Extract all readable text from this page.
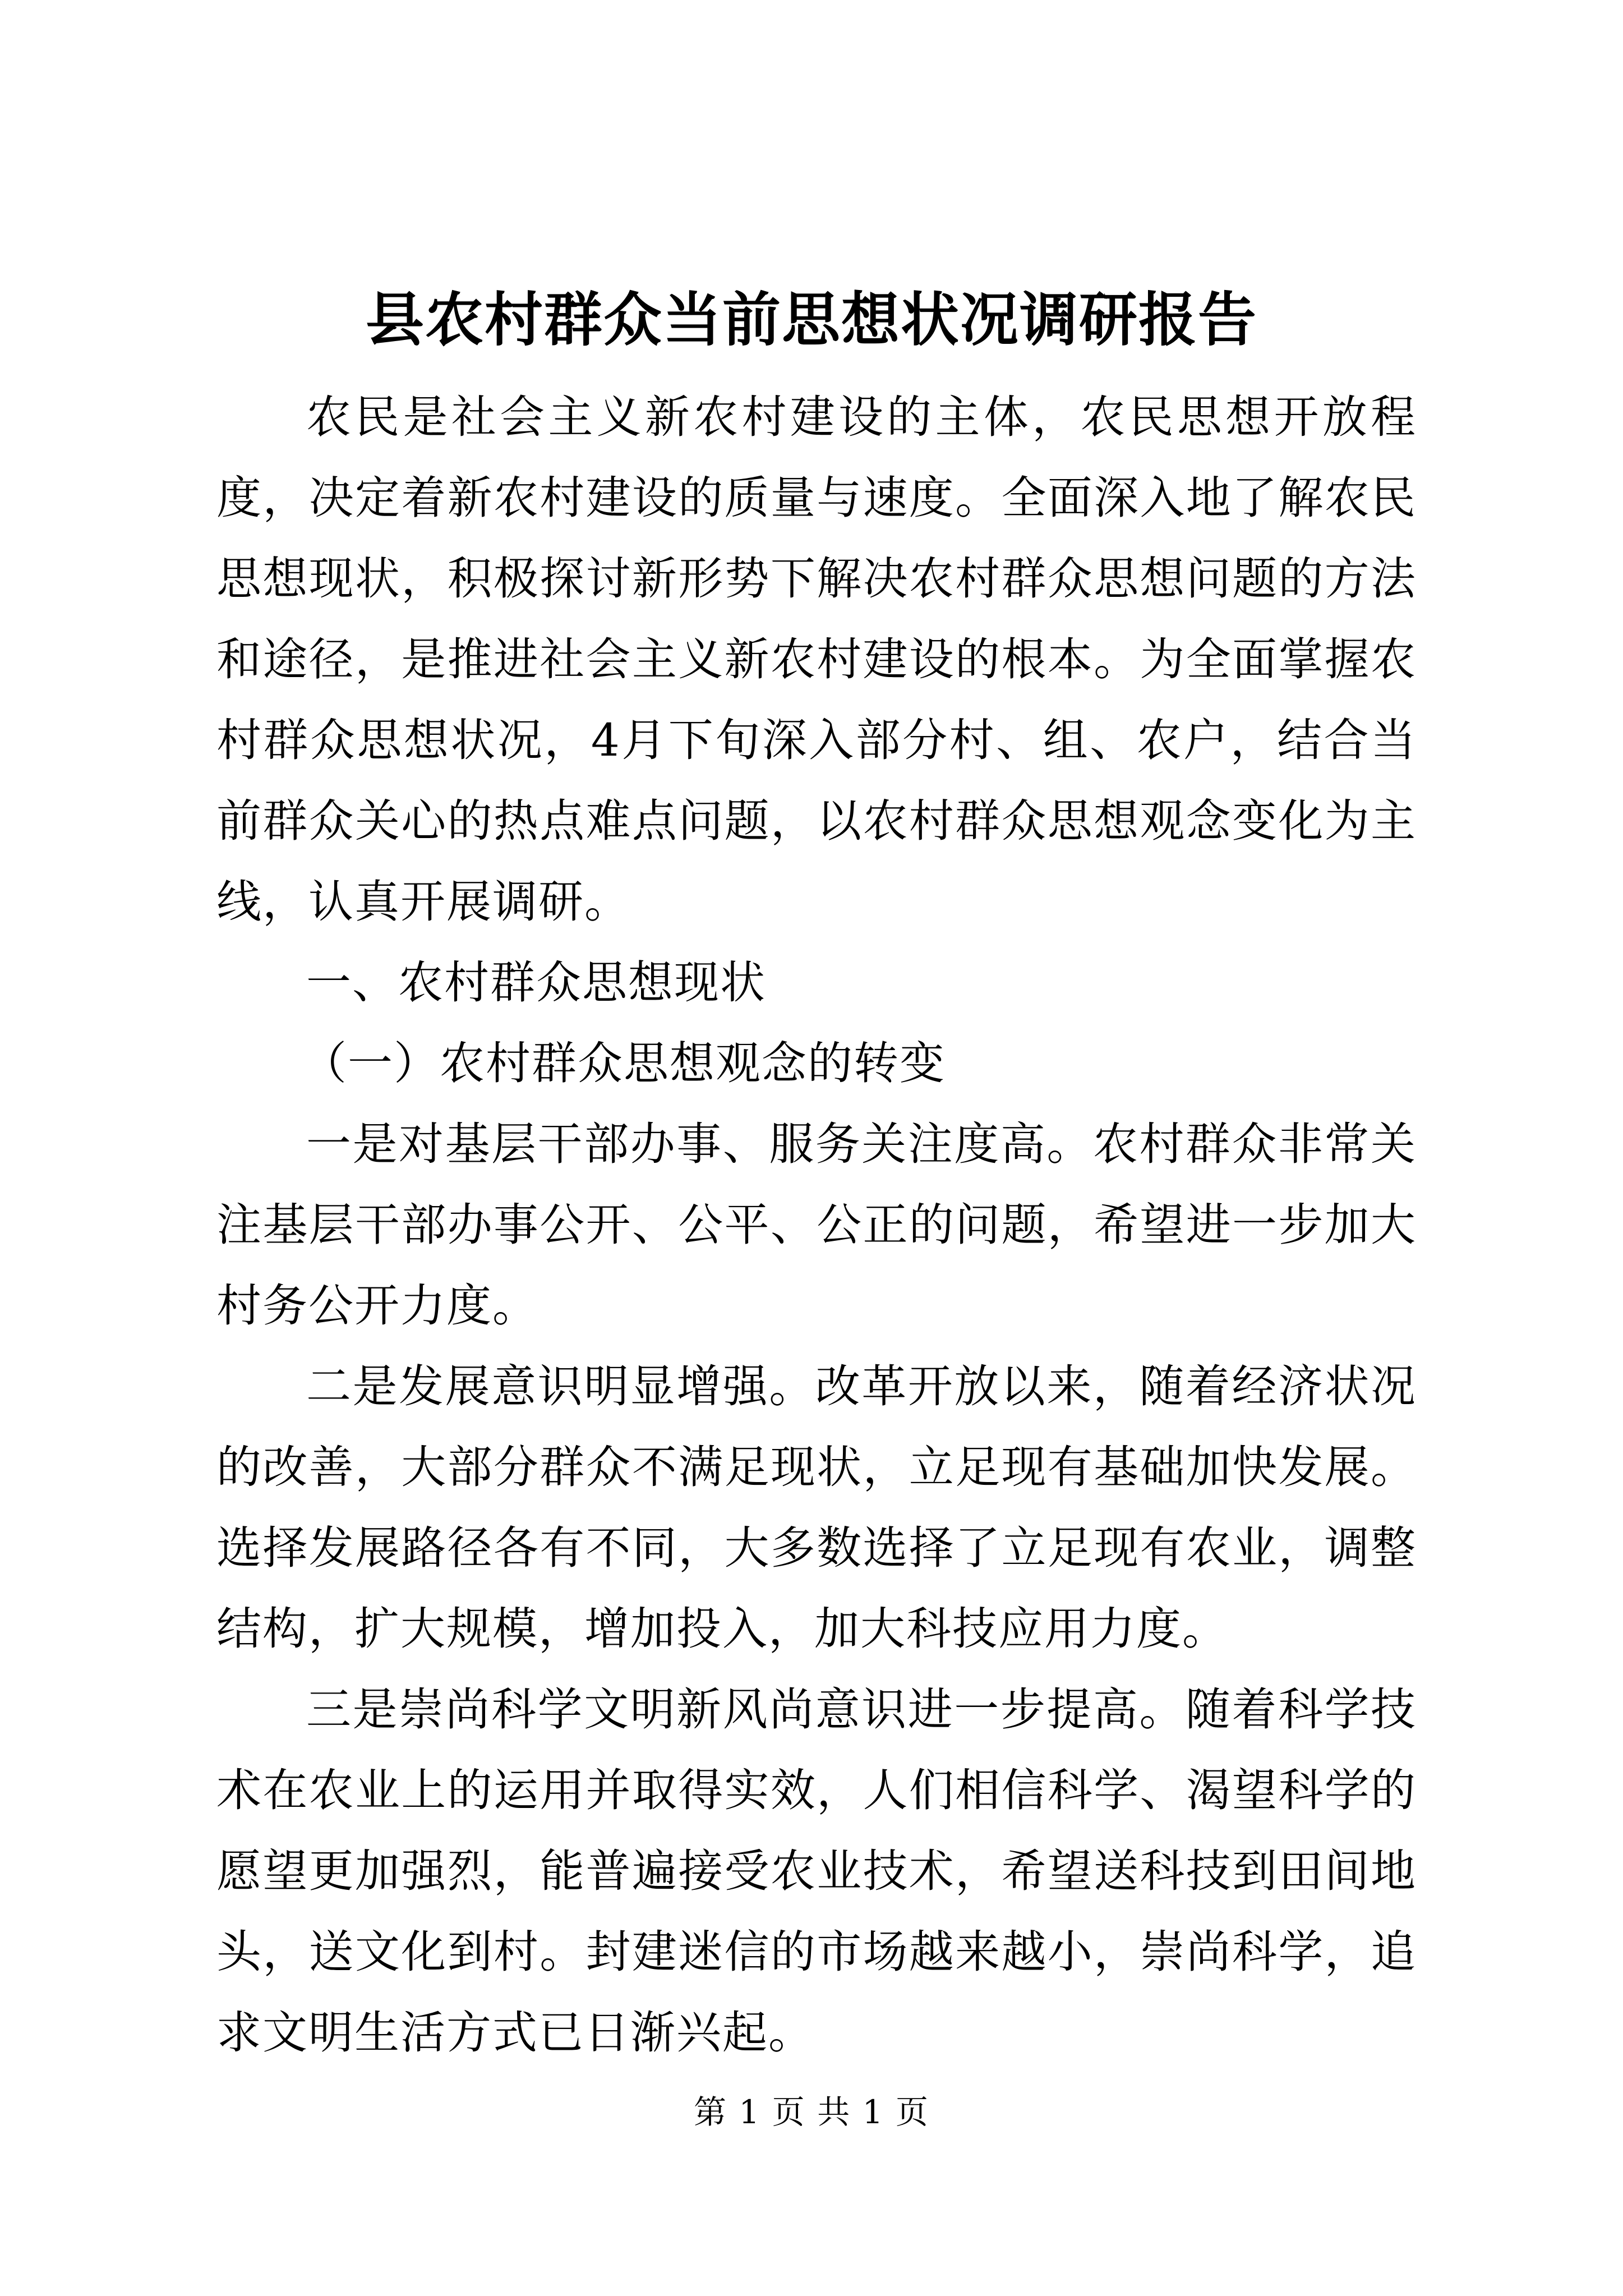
县农村群众当前思想状况调研报告

农民是社会主义新农村建设的主体，农民思想开放程度，决定着新农村建设的质量与速度。全面深入地了解农民思想现状，积极探讨新形势下解决农村群众思想问题的方法和途径，是推进社会主义新农村建设的根本。为全面掌握农村群众思想状况，4月下旬深入部分村、组、农户，结合当前群众关心的热点难点问题，以农村群众思想观念变化为主线，认真开展调研。

一、农村群众思想现状

（一）农村群众思想观念的转变

一是对基层干部办事、服务关注度高。农村群众非常关注基层干部办事公开、公平、公正的问题，希望进一步加大村务公开力度。

二是发展意识明显增强。改革开放以来，随着经济状况的改善，大部分群众不满足现状，立足现有基础加快发展。选择发展路径各有不同，大多数选择了立足现有农业，调整结构，扩大规模，增加投入，加大科技应用力度。

三是崇尚科学文明新风尚意识进一步提高。随着科学技术在农业上的运用并取得实效，人们相信科学、渴望科学的愿望更加强烈，能普遍接受农业技术，希望送科技到田间地头，送文化到村。封建迷信的市场越来越小，崇尚科学，追求文明生活方式已日渐兴起。

第 1 页 共 1 页
